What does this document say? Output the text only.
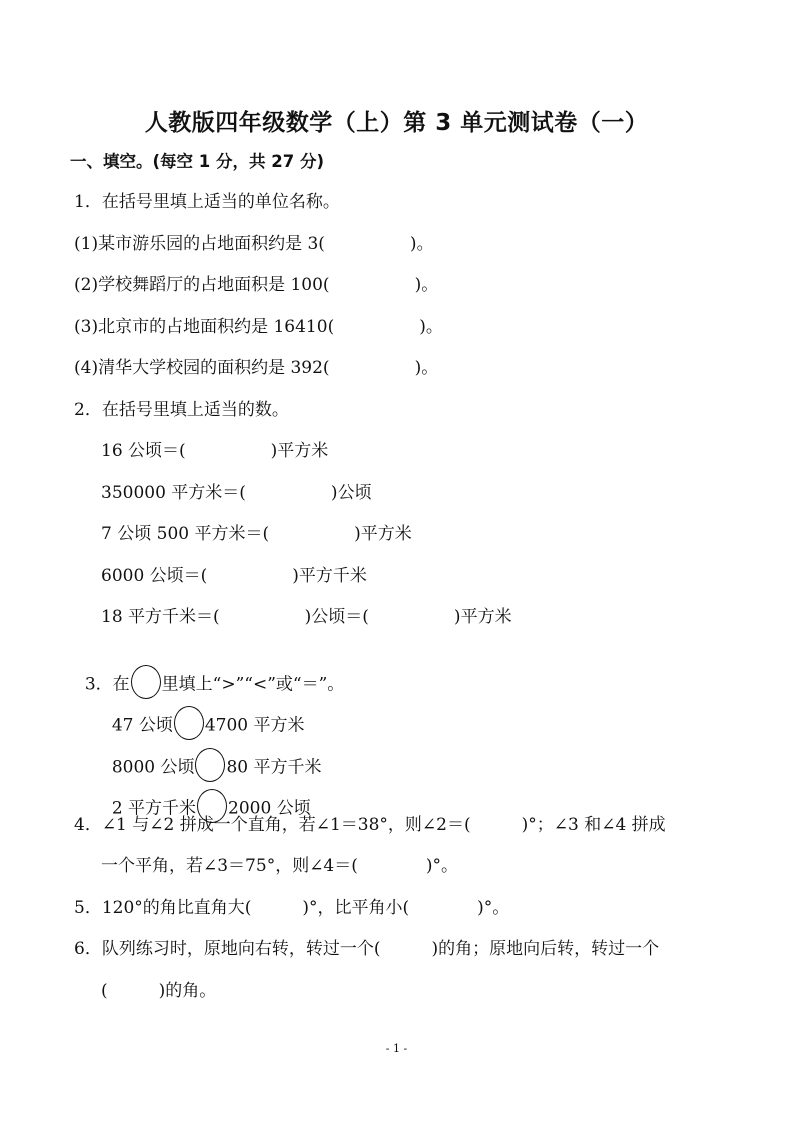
人教版四年级数学（上）第 3 单元测试卷（一）
一、填空。(每空 1 分，共 27 分)
1．在括号里填上适当的单位名称。
(1)某市游乐园的占地面积约是 3(　　　　　)。
(2)学校舞蹈厅的占地面积是 100(　　　　　)。
(3)北京市的占地面积约是 16410(　　　　　)。
(4)清华大学校园的面积约是 392(　　　　　)。
2．在括号里填上适当的数。
16 公顷＝(　　　　　)平方米
350000 平方米＝(　　　　　)公顷
7 公顷 500 平方米＝(　　　　　)平方米
6000 公顷＝(　　　　　)平方千米
18 平方千米＝(　　　　　)公顷＝(　　　　　)平方米

3．在 里填上“>”“<”或“＝”。

47 公顷 4700 平方米

8000 公顷 80 平方千米

2 平方千米 2000 公顷

4．∠1 与∠2 拼成一个直角，若∠1＝38°，则∠2＝(　　　)°；∠3 和∠4 拼成
一个平角，若∠3＝75°，则∠4＝(　　　　)°。
5．120°的角比直角大(　　　)°，比平角小(　　　　)°。
6．队列练习时，原地向右转，转过一个(　　　)的角；原地向后转，转过一个
(　　　)的角。
- 1 -
